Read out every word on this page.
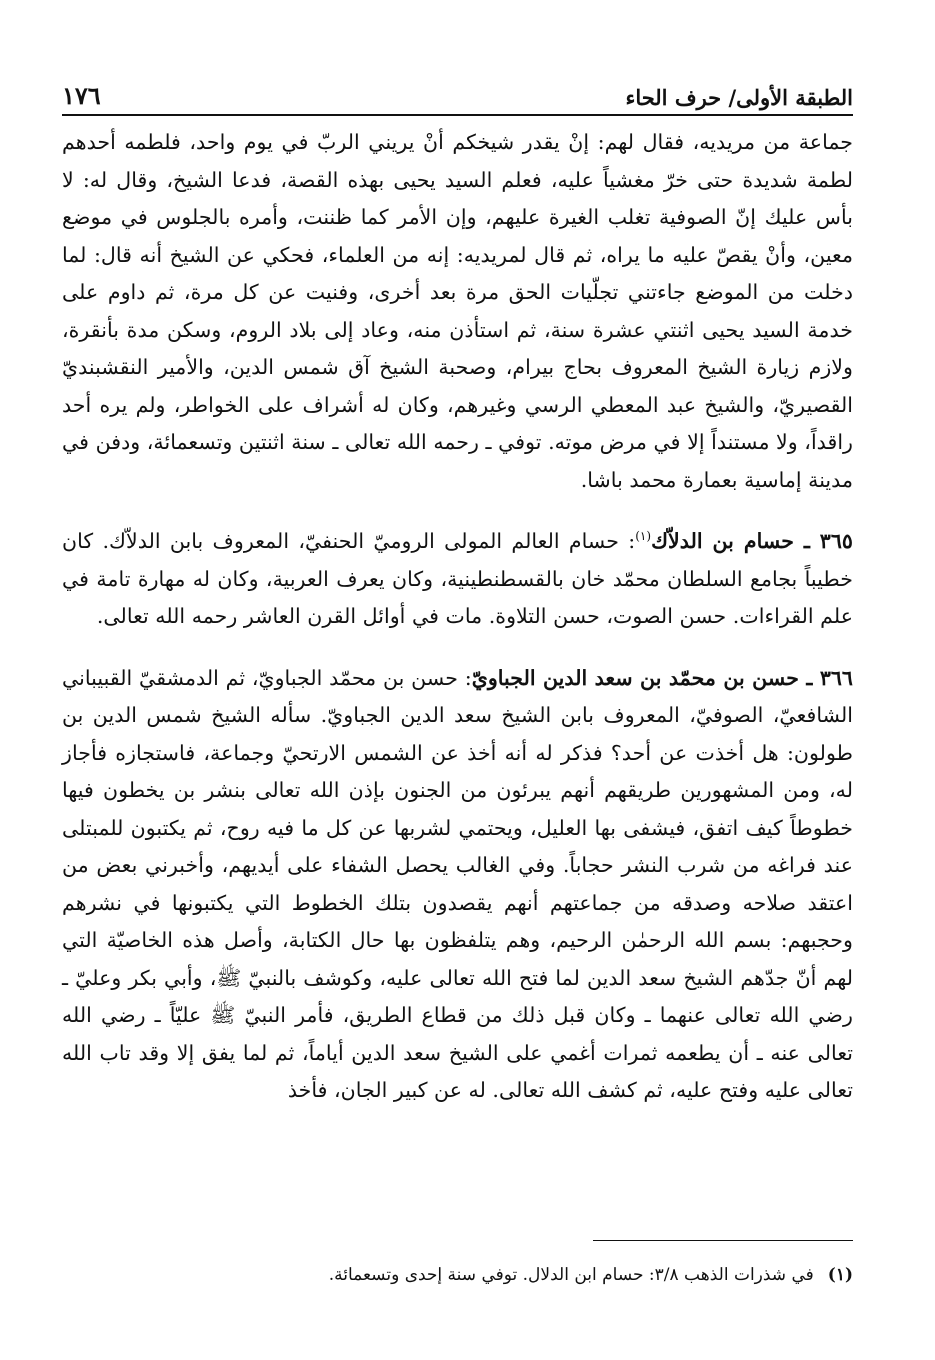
الطبقة الأولى/ حرف الحاء
١٧٦

جماعة من مريديه، فقال لهم: إنْ يقدر شيخكم أنْ يريني الربّ في يوم واحد، فلطمه أحدهم لطمة شديدة حتى خرّ مغشياً عليه، فعلم السيد يحيى بهذه القصة، فدعا الشيخ، وقال له: لا بأس عليك إنّ الصوفية تغلب الغيرة عليهم، وإن الأمر كما ظننت، وأمره بالجلوس في موضع معين، وأنْ يقصّ عليه ما يراه، ثم قال لمريديه: إنه من العلماء، فحكي عن الشيخ أنه قال: لما دخلت من الموضع جاءتني تجلّيات الحق مرة بعد أخرى، وفنيت عن كل مرة، ثم داوم على خدمة السيد يحيى اثنتي عشرة سنة، ثم استأذن منه، وعاد إلى بلاد الروم، وسكن مدة بأنقرة، ولازم زيارة الشيخ المعروف بحاج بيرام، وصحبة الشيخ آق شمس الدين، والأمير النقشبنديّ القصيريّ، والشيخ عبد المعطي الرسي وغيرهم، وكان له أشراف على الخواطر، ولم يره أحد راقداً، ولا مستنداً إلا في مرض موته. توفي ـ رحمه الله تعالى ـ سنة اثنتين وتسعمائة، ودفن في مدينة إماسية بعمارة محمد باشا.

٣٦٥ ـ حسام بن الدلاّك$^{(١)}$: حسام العالم المولى الروميّ الحنفيّ، المعروف بابن الدلاّك. كان خطيباً بجامع السلطان محمّد خان بالقسطنطينية، وكان يعرف العربية، وكان له مهارة تامة في علم القراءات. حسن الصوت، حسن التلاوة. مات في أوائل القرن العاشر رحمه الله تعالى.

٣٦٦ ـ حسن بن محمّد بن سعد الدين الجباويّ: حسن بن محمّد الجباويّ، ثم الدمشقيّ القبيباني الشافعيّ، الصوفيّ، المعروف بابن الشيخ سعد الدين الجباويّ. سأله الشيخ شمس الدين بن طولون: هل أخذت عن أحد؟ فذكر له أنه أخذ عن الشمس الارتحيّ وجماعة، فاستجازه فأجاز له، ومن المشهورين طريقهم أنهم يبرئون من الجنون بإذن الله تعالى بنشر بن يخطون فيها خطوطاً كيف اتفق، فيشفى بها العليل، ويحتمي لشربها عن كل ما فيه روح، ثم يكتبون للمبتلى عند فراغه من شرب النشر حجاباً. وفي الغالب يحصل الشفاء على أيديهم، وأخبرني بعض من اعتقد صلاحه وصدقه من جماعتهم أنهم يقصدون بتلك الخطوط التي يكتبونها في نشرهم وحجبهم: بسم الله الرحمٰن الرحيم، وهم يتلفظون بها حال الكتابة، وأصل هذه الخاصيّة التي لهم أنّ جدّهم الشيخ سعد الدين لما فتح الله تعالى عليه، وكوشف بالنبيّ ﷺ، وأبي بكر وعليّ ـ رضي الله تعالى عنهما ـ وكان قبل ذلك من قطاع الطريق، فأمر النبيّ ﷺ عليّاً ـ رضي الله تعالى عنه ـ أن يطعمه ثمرات أغمي على الشيخ سعد الدين أياماً، ثم لما يفق إلا وقد تاب الله تعالى عليه وفتح عليه، ثم كشف الله تعالى. له عن كبير الجان، فأخذ

(١)في شذرات الذهب ٣/٨: حسام ابن الدلال. توفي سنة إحدى وتسعمائة.
